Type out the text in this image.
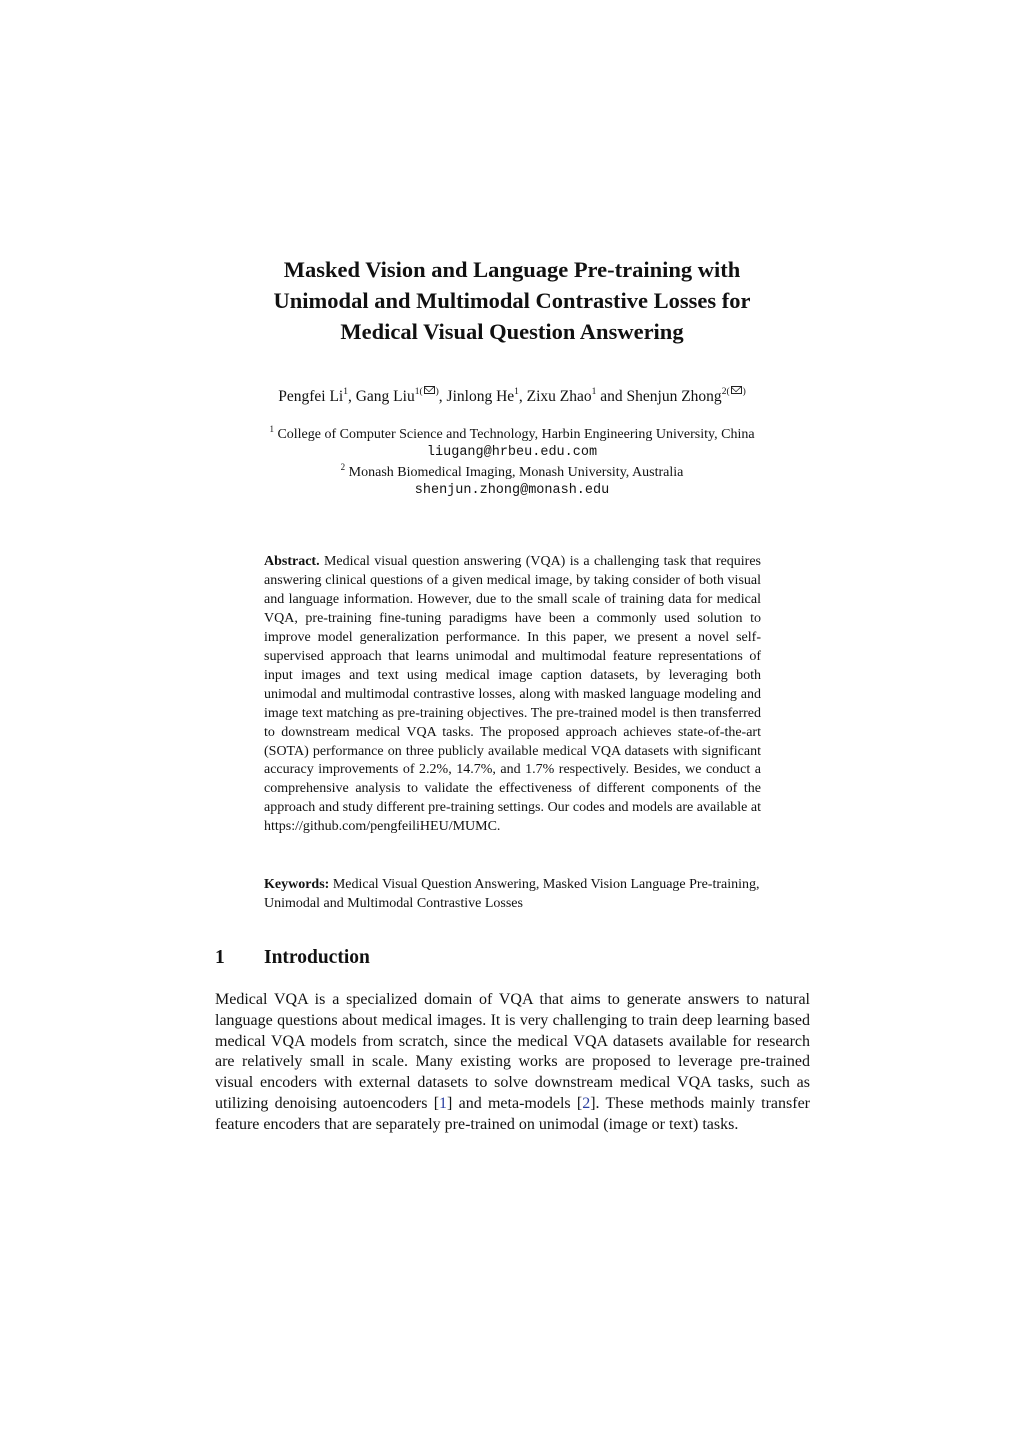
Masked Vision and Language Pre-training with
Unimodal and Multimodal Contrastive Losses for
Medical Visual Question Answering
Pengfei Li$^1$, Gang Liu$^{1( )}$, Jinlong He$^1$, Zixu Zhao$^1$ and Shenjun Zhong$^{2( )}$
$^1$ College of Computer Science and Technology, Harbin Engineering University, China
liugang@hrbeu.edu.com
$^2$ Monash Biomedical Imaging, Monash University, Australia
shenjun.zhong@monash.edu
Abstract. Medical visual question answering (VQA) is a challenging task that requires answering clinical questions of a given medical image, by taking consider of both visual and language information. However, due to the small scale of training data for medical VQA, pre-training fine-tuning paradigms have been a commonly used solution to improve model generalization performance. In this paper, we present a novel self-supervised approach that learns unimodal and multimodal feature representations of input images and text using medical image caption datasets, by leveraging both unimodal and multimodal contrastive losses, along with masked language modeling and image text matching as pre-training objectives. The pre-trained model is then transferred to downstream medical VQA tasks. The proposed approach achieves state-of-the-art (SOTA) performance on three publicly available medical VQA datasets with significant accuracy improvements of 2.2%, 14.7%, and 1.7% respectively. Besides, we conduct a comprehensive analysis to validate the effectiveness of different components of the approach and study different pre-training settings. Our codes and models are available at https://github.com/pengfeiliHEU/MUMC.
Keywords: Medical Visual Question Answering, Masked Vision Language Pre-training, Unimodal and Multimodal Contrastive Losses
1 Introduction
Medical VQA is a specialized domain of VQA that aims to generate answers to natural language questions about medical images. It is very challenging to train deep learning based medical VQA models from scratch, since the medical VQA datasets available for research are relatively small in scale. Many existing works are proposed to leverage pre-trained visual encoders with external datasets to solve downstream medical VQA tasks, such as utilizing denoising autoencoders [1] and meta-models [2]. These methods mainly transfer feature encoders that are separately pre-trained on unimodal (image or text) tasks.
